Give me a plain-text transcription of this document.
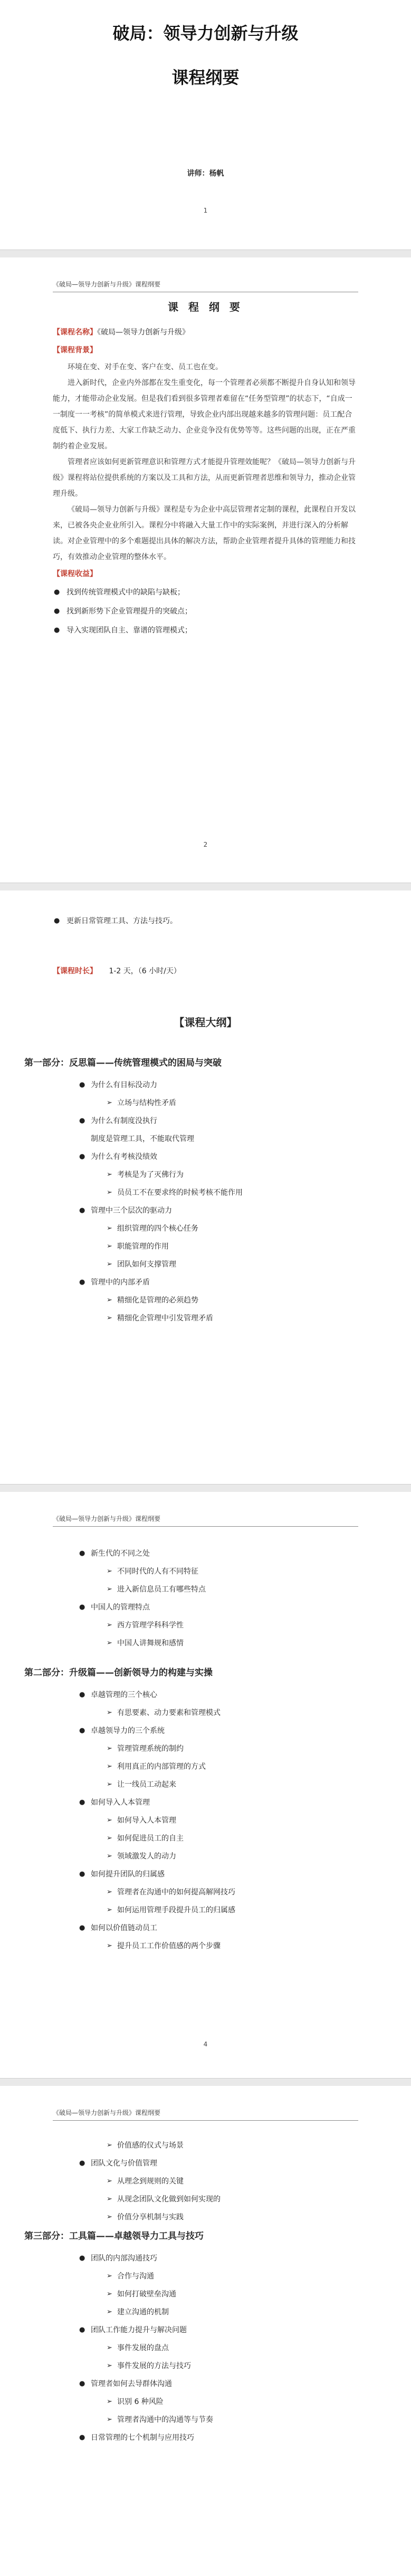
破局：领导力创新与升级
课程纲要
讲师：杨帆
1
《破局—领导力创新与升级》课程纲要
课 程 纲 要

【课程名称】《破局—领导力创新与升级》

【课程背景】

环境在变、对手在变、客户在变、员工也在变。

进入新时代，企业内外部都在发生重变化，每一个管理者必须都不断提升自身认知和领导能力，才能带动企业发展。但是我们看到很多管理者难留在“任务型管理”的状态下，“自成一一制度一一考核”的简单模式来进行管理，导致企业内部出现越来越多的管理问题：员工配合度低下、执行力差、大家工作缺乏动力、企业竞争没有优势等等。这些问题的出现，正在严重制约着企业发展。

管理者应该如何更新管理意识和管理方式才能提升管理效能呢？《破局—领导力创新与升级》课程将站位提供系统的方案以及工具和方法，从而更新管理者思维和领导力，推动企业管理升级。

《破局—领导力创新与升级》课程是专为企业中高层管理者定制的课程，此课程自开发以来，已被各央企业业所引入。课程分中将融入大量工作中的实际案例，并进行深入的分析解读。对企业管理中的多个难题提出具体的解决方法，帮助企业管理者提升具体的管理能力和技巧，有效推动企业管理的整体水平。

【课程收益】

● 找到传统管理模式中的缺陷与缺板；
● 找到新形势下企业管理提升的突破点；
● 导入实现团队自主、靠谱的管理模式；
2
● 更新日常管理工具、方法与技巧。

【课程时长】 1-2 天，（6 小时/天）

【课程大纲】

第一部分：反思篇——传统管理模式的困局与突破

● 为什么有目标没动力

➢ 立场与结构性矛盾

● 为什么有制度没执行

制度是管理工具，不能取代管理

● 为什么有考核没绩效

➢ 考核是为了灭佛行为

➢ 员员工不在要求终的时候考核不能作用

● 管理中三个层次的驱动力

➢ 组织管理的四个核心任务

➢ 职能管理的作用

➢ 团队如何支撑管理

● 管理中的内部矛盾

➢ 精细化是管理的必须趋势

➢ 精细化企管理中引发管理矛盾

《破局—领导力创新与升级》课程纲要

● 新生代的不同之处

➢ 不同时代的人有不同特征

➢ 进入新信息员工有哪些特点

● 中国人的管理特点

➢ 西方管理学科科学性

➢ 中国人讲舞规和感情

第二部分：升级篇——创新领导力的构建与实操

● 卓越管理的三个核心

➢ 有思要素、动力要素和管理模式

● 卓越领导力的三个系统

➢ 管理管理系统的制约

➢ 利用真正的内部管理的方式

➢ 让一线员工动起来

● 如何导入人本管理

➢ 如何导入人本管理

➢ 如何促进员工的自主

➢ 领域激发人的动力

● 如何提升团队的归属感

➢ 管理者在沟通中的如何提高解网技巧

➢ 如何运用管理手段提升员工的归属感

● 如何以价值链动员工

➢ 提升员工工作价值感的两个步骤

4
《破局—领导力创新与升级》课程纲要

➢ 价值感的仪式与场景

● 团队文化与价值管理

➢ 从理念到规则的关键

➢ 从现念团队文化做到如何实现的

➢ 价值分享机制与实践

第三部分：工具篇——卓越领导力工具与技巧

● 团队的内部沟通技巧

➢ 合作与沟通

➢ 如何打破壁垒沟通

➢ 建立沟通的机制

● 团队工作能力提升与解决问题

➢ 事件发展的盘点

➢ 事件发展的方法与技巧

● 管理者如何去导群体沟通

➢ 识别 6 种风险

➢ 管理者沟通中的沟通等与节奏

● 日常管理的七个机制与应用技巧
